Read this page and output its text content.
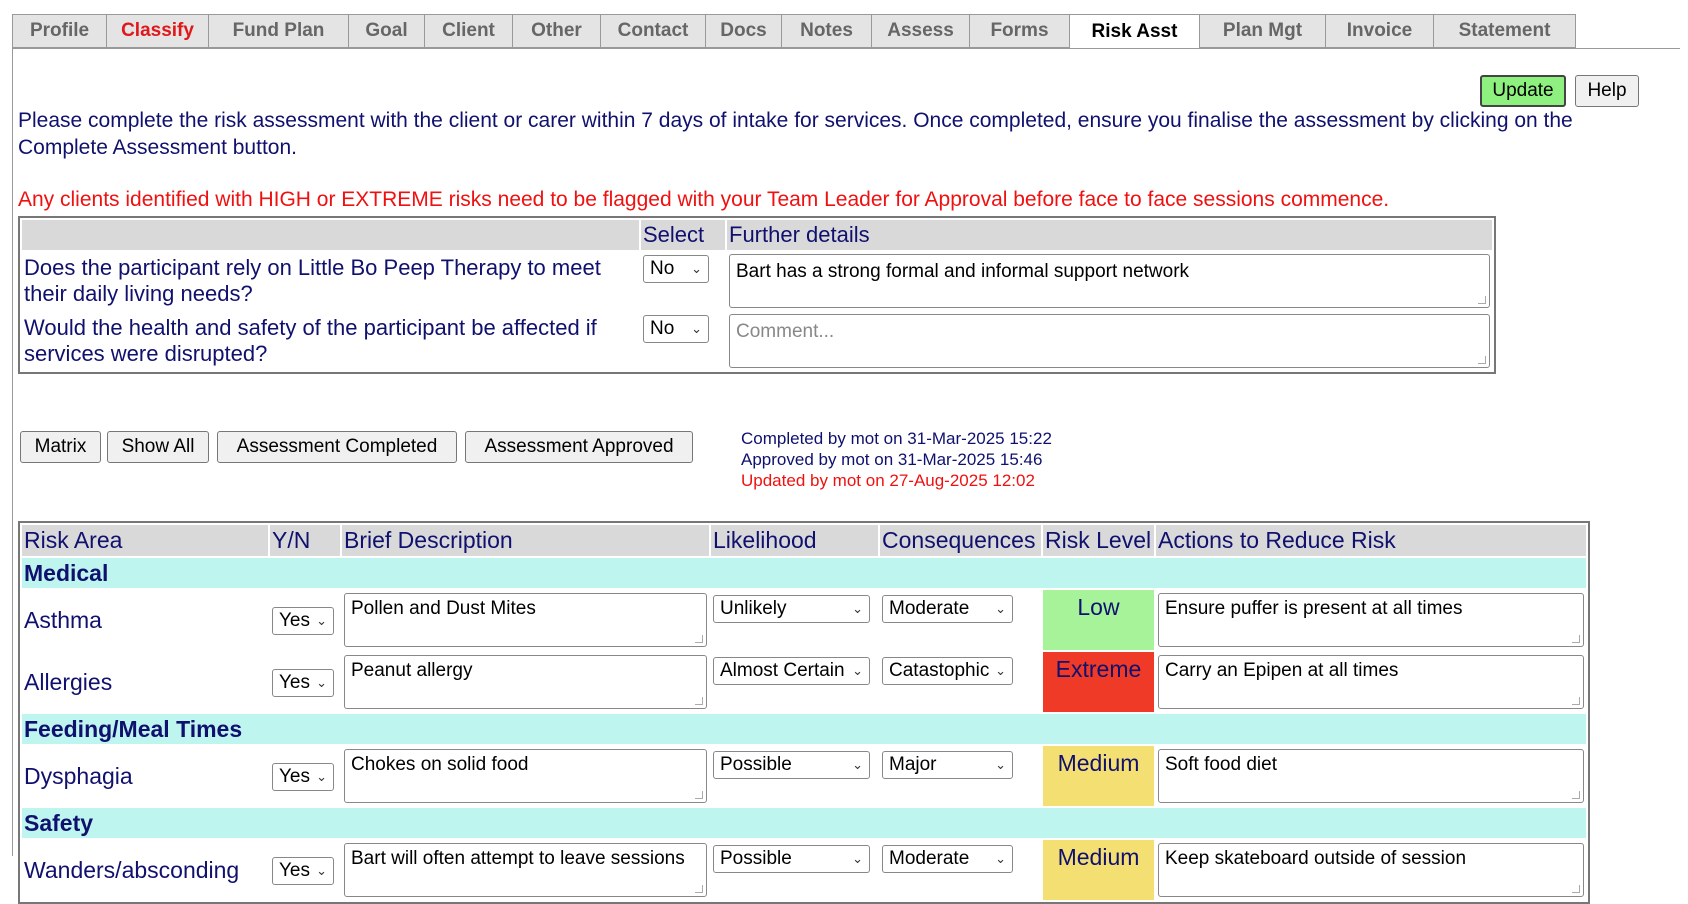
Profile	Classify	Fund Plan	Goal	Client	Other	Contact	Docs	Notes	Assess	Forms	Risk Asst	Plan Mgt	Invoice	Statement
Update	Help
Please complete the risk assessment with the client or carer within 7 days of intake for services. Once completed, ensure you finalise the assessment by clicking on the Complete Assessment button.
Any clients identified with HIGH or EXTREME risks need to be flagged with your Team Leader for Approval before face to face sessions commence.
	Select	Further details
Does the participant rely on Little Bo Peep Therapy to meet their daily living needs?	No ⌄	Bart has a strong formal and informal support network

Would the health and safety of the participant be affected if services were disrupted?	No ⌄	Comment...
Matrix	Show All	Assessment Completed	Assessment Approved	Completed by mot on 31-Mar-2025 15:22
Approved by mot on 31-Mar-2025 15:46
Updated by mot on 27-Aug-2025 12:02
Risk Area	Y/N	Brief Description	Likelihood	Consequences	Risk Level	Actions to Reduce Risk
Medical						
Asthma	Yes ⌄	Pollen and Dust Mites	Unlikely ⌄	Moderate ⌄	Low	Ensure puffer is present at all times

Allergies	Yes ⌄	Peanut allergy	Almost Certain ⌄	Catastophic ⌄	Extreme	Carry an Epipen at all times

Feeding/Meal Times						
Dysphagia	Yes ⌄	Chokes on solid food	Possible ⌄	Major ⌄	Medium	Soft food diet

Safety						
Wanders/absconding	Yes ⌄	Bart will often attempt to leave sessions	Possible ⌄	Moderate ⌄	Medium	Keep skateboard outside of session
